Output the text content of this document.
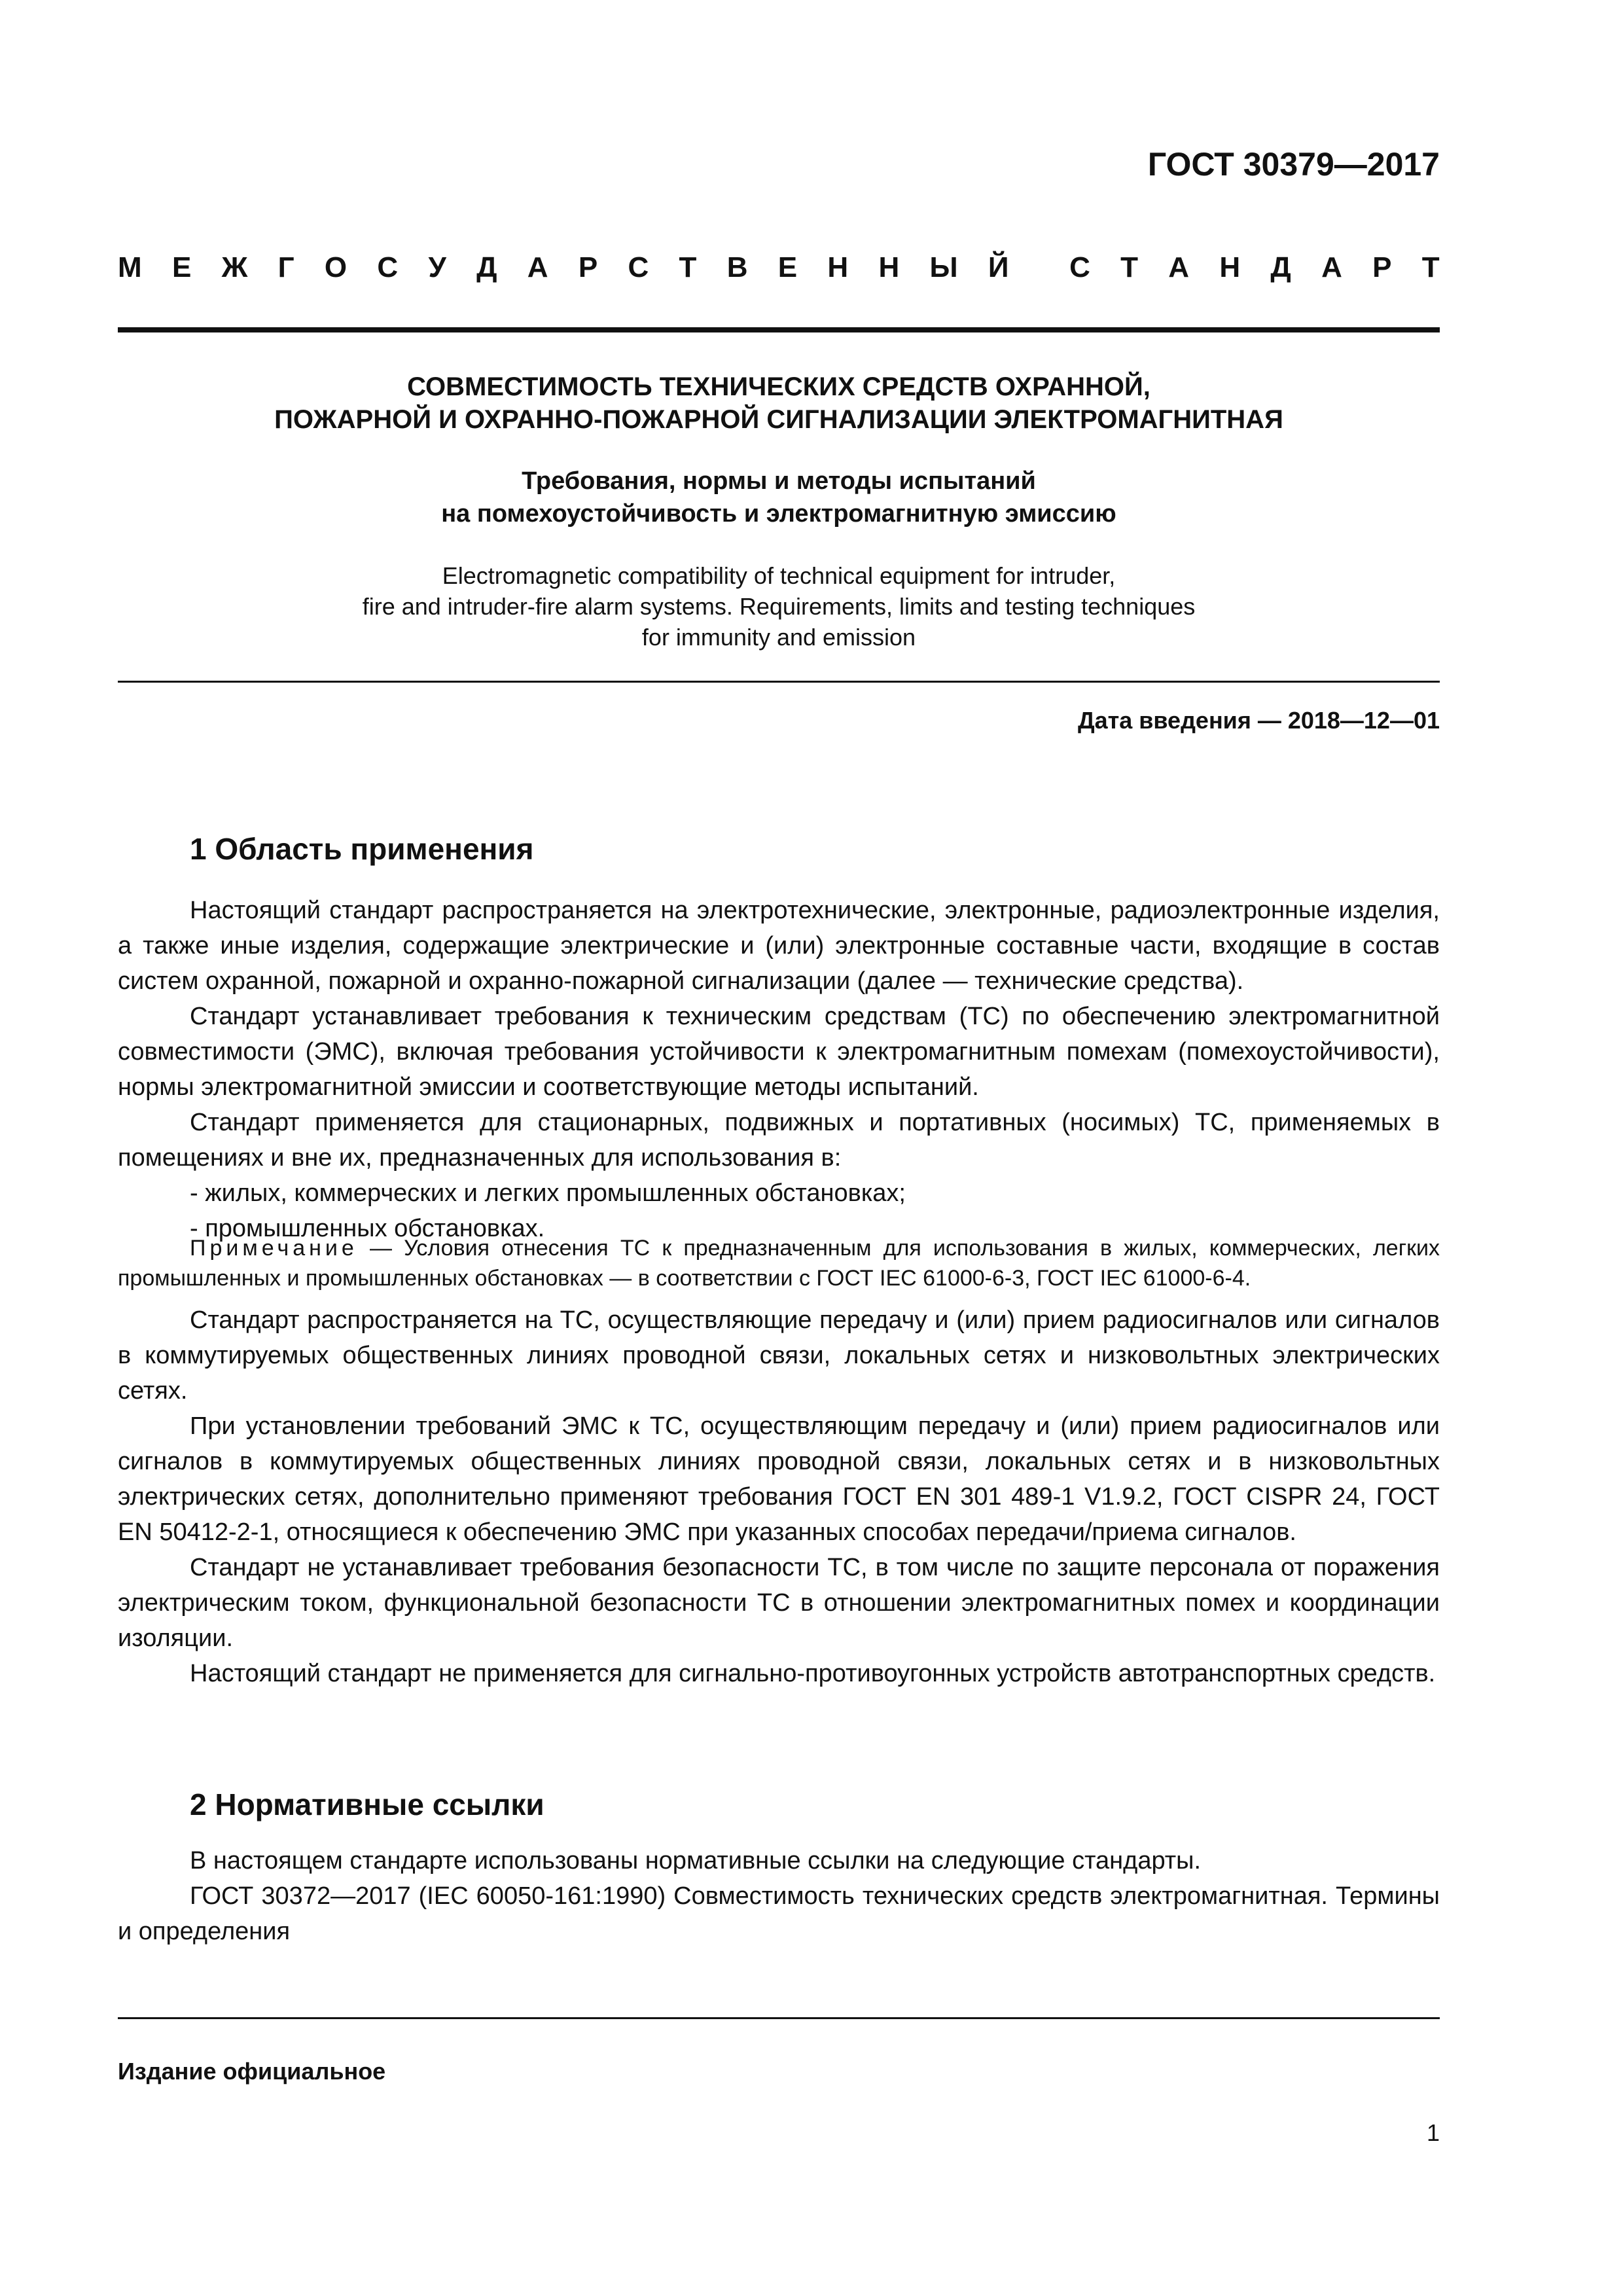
ГОСТ 30379—2017
М Е Ж Г О С У Д А Р С Т В Е Н Н Ы Й С Т А Н Д А Р Т
СОВМЕСТИМОСТЬ ТЕХНИЧЕСКИХ СРЕДСТВ ОХРАННОЙ,
ПОЖАРНОЙ И ОХРАННО-ПОЖАРНОЙ СИГНАЛИЗАЦИИ ЭЛЕКТРОМАГНИТНАЯ
Требования, нормы и методы испытаний
на помехоустойчивость и электромагнитную эмиссию
Electromagnetic compatibility of technical equipment for intruder,
fire and intruder-fire alarm systems. Requirements, limits and testing techniques
for immunity and emission
Дата введения — 2018—12—01
1 Область применения

Настоящий стандарт распространяется на электротехнические, электронные, радиоэлектронные изделия, а также иные изделия, содержащие электрические и (или) электронные составные части, входящие в состав систем охранной, пожарной и охранно-пожарной сигнализации (далее — технические средства).

Стандарт устанавливает требования к техническим средствам (ТС) по обеспечению электромагнитной совместимости (ЭМС), включая требования устойчивости к электромагнитным помехам (помехоустойчивости), нормы электромагнитной эмиссии и соответствующие методы испытаний.

Стандарт применяется для стационарных, подвижных и портативных (носимых) ТС, применяемых в помещениях и вне их, предназначенных для использования в:

- жилых, коммерческих и легких промышленных обстановках;

- промышленных обстановках.

Примечание — Условия отнесения ТС к предназначенным для использования в жилых, коммерческих, легких промышленных и промышленных обстановках — в соответствии с ГОСТ IEC 61000-6-3, ГОСТ IEC 61000-6-4.

Стандарт распространяется на ТС, осуществляющие передачу и (или) прием радиосигналов или сигналов в коммутируемых общественных линиях проводной связи, локальных сетях и низковольтных электрических сетях.

При установлении требований ЭМС к ТС, осуществляющим передачу и (или) прием радиосигналов или сигналов в коммутируемых общественных линиях проводной связи, локальных сетях и в низковольтных электрических сетях, дополнительно применяют требования ГОСТ EN 301 489-1 V1.9.2, ГОСТ CISPR 24, ГОСТ EN 50412-2-1, относящиеся к обеспечению ЭМС при указанных способах передачи/приема сигналов.

Стандарт не устанавливает требования безопасности ТС, в том числе по защите персонала от поражения электрическим током, функциональной безопасности ТС в отношении электромагнитных помех и координации изоляции.

Настоящий стандарт не применяется для сигнально-противоугонных устройств автотранспортных средств.

2 Нормативные ссылки

В настоящем стандарте использованы нормативные ссылки на следующие стандарты.

ГОСТ 30372—2017 (IEC 60050-161:1990) Совместимость технических средств электромагнитная. Термины и определения

Издание официальное
1
